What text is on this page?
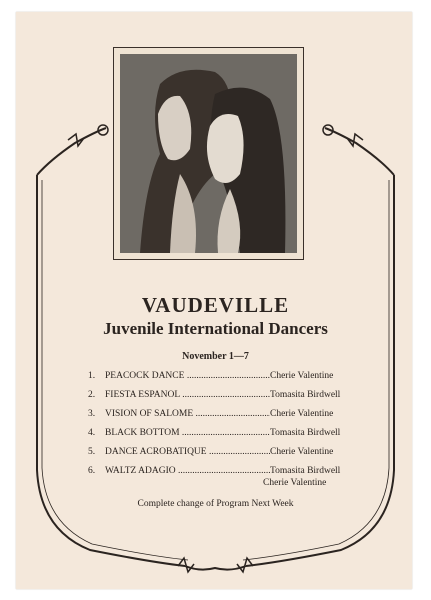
VAUDEVILLE
Juvenile International Dancers
November 1—7
1.	PEACOCK DANCE .....	Cherie Valentine
2.	FIESTA ESPANOL .....	Tomasita Birdwell
3.	VISION OF SALOME .....	Cherie Valentine
4.	BLACK BOTTOM .....	Tomasita Birdwell
5.	DANCE ACROBATIQUE .....	Cherie Valentine
6.	WALTZ ADAGIO .....	Tomasita Birdwell
Cherie Valentine
Complete change of Program Next Week
